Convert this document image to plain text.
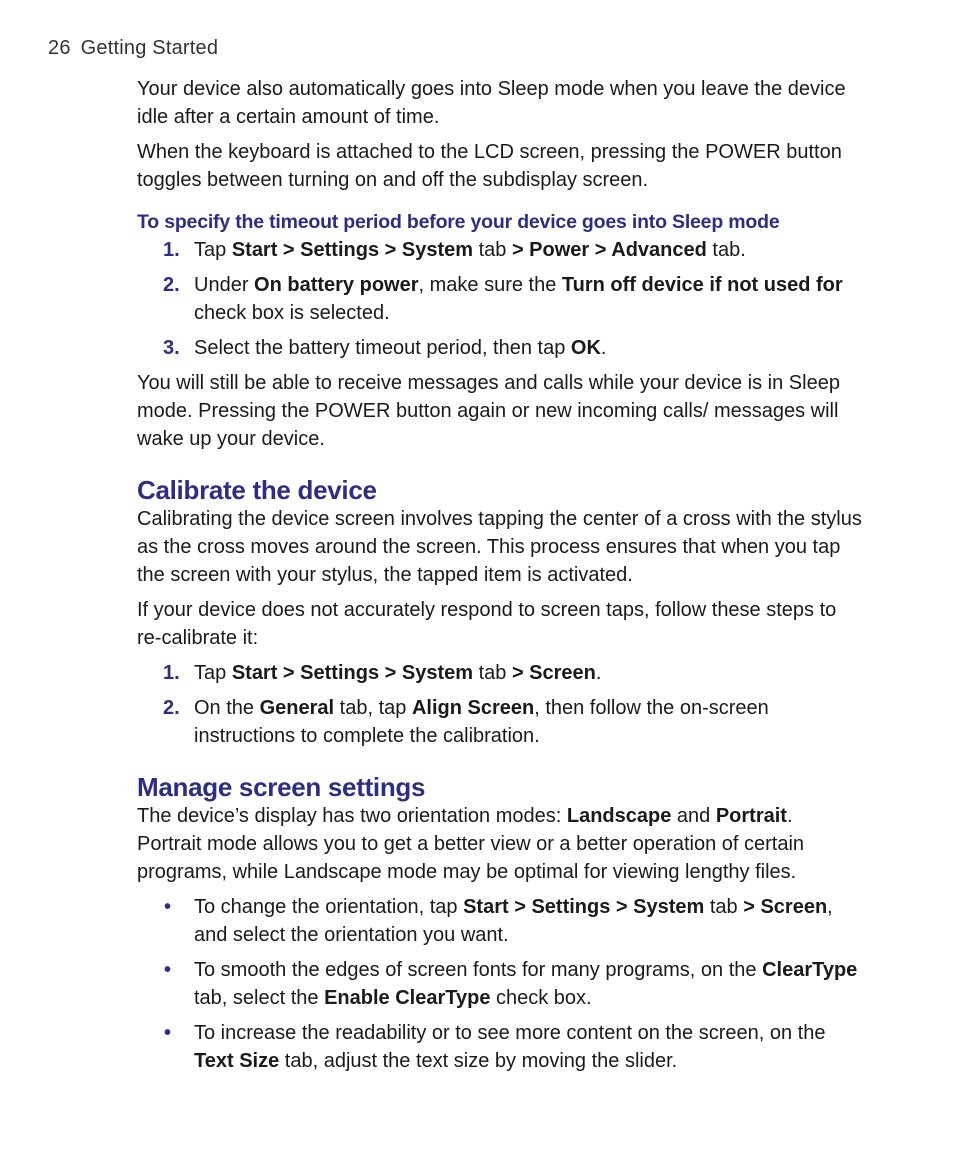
26 Getting Started

Your device also automatically goes into Sleep mode when you leave the device idle after a certain amount of time.

When the keyboard is attached to the LCD screen, pressing the POWER button toggles between turning on and off the subdisplay screen.

To specify the timeout period before your device goes into Sleep mode
1. Tap Start > Settings > System tab > Power > Advanced tab.
2. Under On battery power, make sure the Turn off device if not used for check box is selected.
3. Select the battery timeout period, then tap OK.

You will still be able to receive messages and calls while your device is in Sleep mode. Pressing the POWER button again or new incoming calls/ messages will wake up your device.

Calibrate the device

Calibrating the device screen involves tapping the center of a cross with the stylus as the cross moves around the screen. This process ensures that when you tap the screen with your stylus, the tapped item is activated.

If your device does not accurately respond to screen taps, follow these steps to re-calibrate it:

1. Tap Start > Settings > System tab > Screen.
2. On the General tab, tap Align Screen, then follow the on-screen instructions to complete the calibration.
Manage screen settings

The device’s display has two orientation modes: Landscape and Portrait. Portrait mode allows you to get a better view or a better operation of certain programs, while Landscape mode may be optimal for viewing lengthy files.

• To change the orientation, tap Start > Settings > System tab > Screen, and select the orientation you want.
• To smooth the edges of screen fonts for many programs, on the ClearType tab, select the Enable ClearType check box.
• To increase the readability or to see more content on the screen, on the Text Size tab, adjust the text size by moving the slider.
